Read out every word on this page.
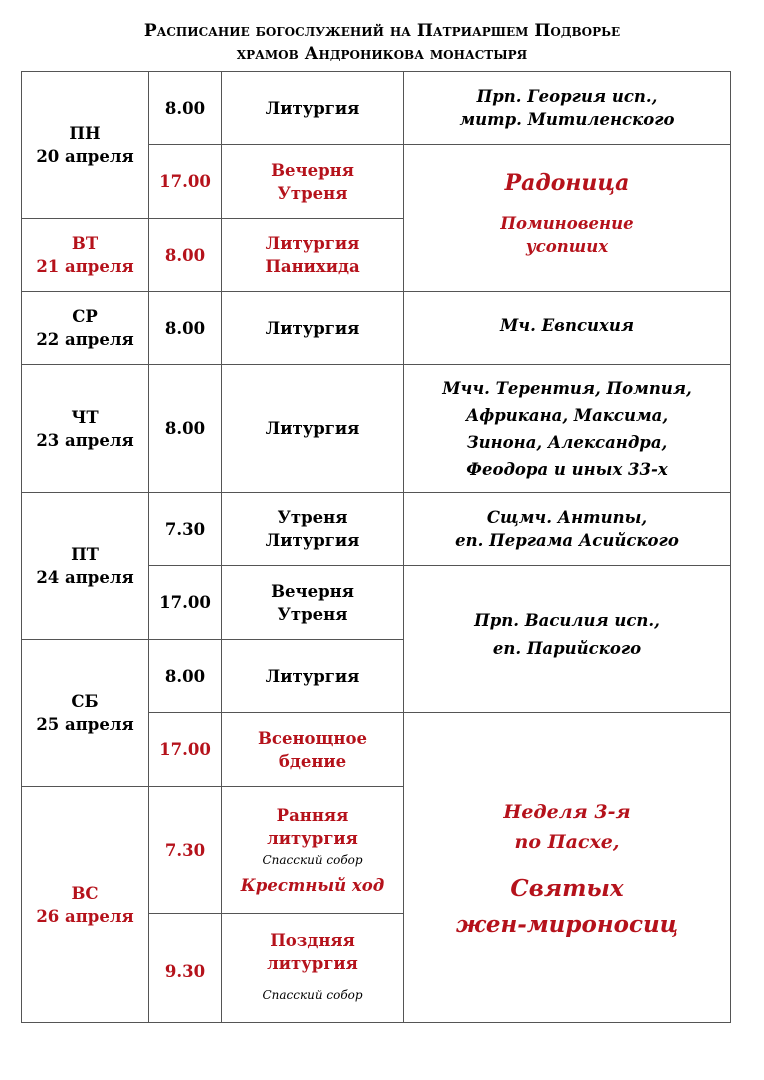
Расписание богослужений на Патриаршем Подворье
храмов Андроникова монастыря
ПН
20 апреля
ВТ
21 апреля
СР
22 апреля
ЧТ
23 апреля
ПТ
24 апреля
СБ
25 апреля
ВС
26 апреля
8.00
17.00
8.00
8.00
8.00
7.30
17.00
8.00
17.00
7.30
9.30
Литургия
Вечерня
Утреня
Литургия
Панихида
Литургия
Литургия
Утреня
Литургия
Вечерня
Утреня
Литургия
Всенощное
бдение
Ранняя
литургия
Спасский собор
Крестный ход
Поздняя
литургия
Спасский собор
Прп. Георгия исп.,
митр. Митиленского
Радоница
Поминовение
усопших
Мч. Евпсихия
Мчч. Терентия, Помпия,
Африкана, Максима,
Зинона, Александра,
Феодора и иных 33-х
Сщмч. Антипы,
еп. Пергама Асийского
Прп. Василия исп.,
еп. Парийского
Неделя 3-я
по Пасхе,
Святых
жен-мироносиц
